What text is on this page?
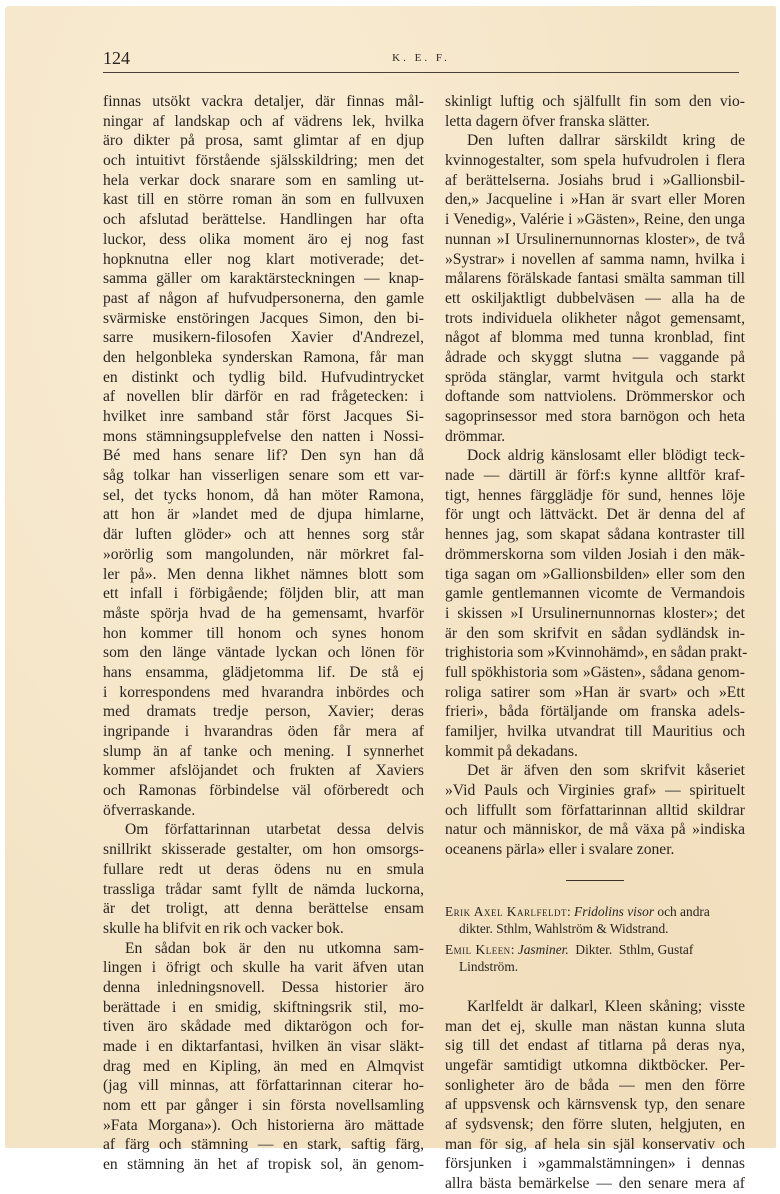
124	K. E. F.
finnas utsökt vackra detaljer, där finnas mål-
ningar af landskap och af vädrens lek, hvilka
äro dikter på prosa, samt glimtar af en djup
och intuitivt förstående själsskildring; men det
hela verkar dock snarare som en samling ut-
kast till en större roman än som en fullvuxen
och afslutad berättelse. Handlingen har ofta
luckor, dess olika moment äro ej nog fast
hopknutna eller nog klart motiverade; det-
samma gäller om karaktärsteckningen — knap-
past af någon af hufvudpersonerna, den gamle
svärmiske enstöringen Jacques Simon, den bi-
sarre musikern-filosofen Xavier d'Andrezel,
den helgonbleka synderskan Ramona, får man
en distinkt och tydlig bild. Hufvudintrycket
af novellen blir därför en rad frågetecken: i
hvilket inre samband står först Jacques Si-
mons stämningsupplefvelse den natten i Nossi-
Bé med hans senare lif? Den syn han då
såg tolkar han visserligen senare som ett var-
sel, det tycks honom, då han möter Ramona,
att hon är »landet med de djupa himlarne,
där luften glöder» och att hennes sorg står
»orörlig som mangolunden, när mörkret fal-
ler på». Men denna likhet nämnes blott som
ett infall i förbigående; följden blir, att man
måste spörja hvad de ha gemensamt, hvarför
hon kommer till honom och synes honom
som den länge väntade lyckan och lönen för
hans ensamma, glädjetomma lif. De stå ej
i korrespondens med hvarandra inbördes och
med dramats tredje person, Xavier; deras
ingripande i hvarandras öden får mera af
slump än af tanke och mening. I synnerhet
kommer afslöjandet och frukten af Xaviers
och Ramonas förbindelse väl oförberedt och
öfverraskande.
Om författarinnan utarbetat dessa delvis
snillrikt skisserade gestalter, om hon omsorgs-
fullare redt ut deras ödens nu en smula
trassliga trådar samt fyllt de nämda luckorna,
är det troligt, att denna berättelse ensam
skulle ha blifvit en rik och vacker bok.
En sådan bok är den nu utkomna sam-
lingen i öfrigt och skulle ha varit äfven utan
denna inledningsnovell. Dessa historier äro
berättade i en smidig, skiftningsrik stil, mo-
tiven äro skådade med diktarögon och for-
made i en diktarfantasi, hvilken än visar släkt-
drag med en Kipling, än med en Almqvist
(jag vill minnas, att författarinnan citerar ho-
nom ett par gånger i sin första novellsamling
»Fata Morgana»). Och historierna äro mättade
af färg och stämning — en stark, saftig färg,
en stämning än het af tropisk sol, än genom-
skinligt luftig och själfullt fin som den vio-
letta dagern öfver franska slätter.
Den luften dallrar särskildt kring de
kvinnogestalter, som spela hufvudrolen i flera
af berättelserna. Josiahs brud i »Gallionsbil-
den,» Jacqueline i »Han är svart eller Moren
i Venedig», Valérie i »Gästen», Reine, den unga
nunnan »I Ursulinernunnornas kloster», de två
»Systrar» i novellen af samma namn, hvilka i
målarens förälskade fantasi smälta samman till
ett oskiljaktligt dubbelväsen — alla ha de
trots individuela olikheter något gemensamt,
något af blomma med tunna kronblad, fint
ådrade och skyggt slutna — vaggande på
spröda stänglar, varmt hvitgula och starkt
doftande som nattviolens. Drömmerskor och
sagoprinsessor med stora barnögon och heta
drömmar.
Dock aldrig känslosamt eller blödigt teck-
nade — därtill är förf:s kynne alltför kraf-
tigt, hennes färgglädje för sund, hennes löje
för ungt och lättväckt. Det är denna del af
hennes jag, som skapat sådana kontraster till
drömmerskorna som vilden Josiah i den mäk-
tiga sagan om »Gallionsbilden» eller som den
gamle gentlemannen vicomte de Vermandois
i skissen »I Ursulinernunnornas kloster»; det
är den som skrifvit en sådan sydländsk in-
trighistoria som »Kvinnohämd», en sådan prakt-
full spökhistoria som »Gästen», sådana genom-
roliga satirer som »Han är svart» och »Ett
frieri», båda förtäljande om franska adels-
familjer, hvilka utvandrat till Mauritius och
kommit på dekadans.
Det är äfven den som skrifvit kåseriet
»Vid Pauls och Virginies graf» — spirituelt
och liffullt som författarinnan alltid skildrar
natur och människor, de må växa på »indiska
oceanens pärla» eller i svalare zoner.
Erik Axel Karlfeldt: Fridolins visor och andra
dikter. Sthlm, Wahlström & Widstrand.
Emil Kleen: Jasminer.  Dikter.  Sthlm, Gustaf
Lindström.
Karlfeldt är dalkarl, Kleen skåning; visste
man det ej, skulle man nästan kunna sluta
sig till det endast af titlarna på deras nya,
ungefär samtidigt utkomna diktböcker. Per-
sonligheter äro de båda — men den förre
af uppsvensk och kärnsvensk typ, den senare
af sydsvensk; den förre sluten, helgjuten, en
man för sig, af hela sin själ konservativ och
försjunken i »gammalstämningen» i dennas
allra bästa bemärkelse — den senare mera af
